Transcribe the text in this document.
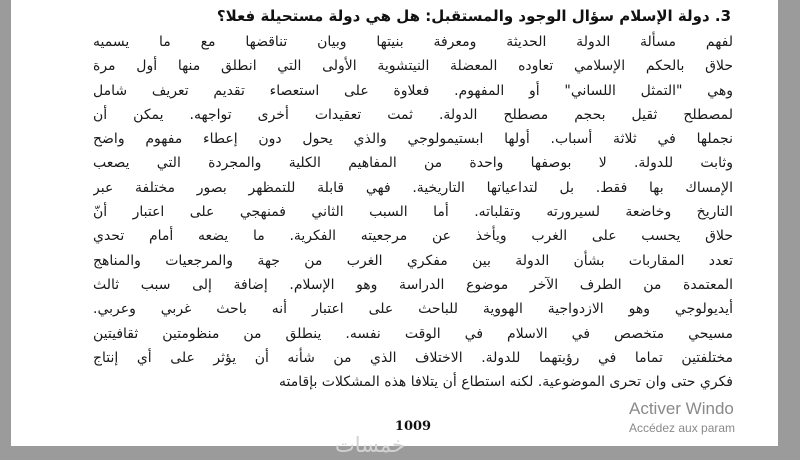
3. دولة الإسلام سؤال الوجود والمستقبل: هل هي دولة مستحيلة فعلا؟
لفهم مسألة الدولة الحديثة ومعرفة بنيتها وبيان تناقضها مع ما يسميه
حلاق بالحكم الإسلامي تعاوده المعضلة النيتشوية الأولى التي انطلق منها أول مرة
وهي "التمثل اللساني" أو المفهوم. فعلاوة على استعصاء تقديم تعريف شامل
لمصطلح ثقيل بحجم مصطلح الدولة. ثمت تعقيدات أخرى تواجهه. يمكن أن
نجملها في ثلاثة أسباب. أولها ابستيمولوجي والذي يحول دون إعطاء مفهوم واضح
وثابت للدولة. لا بوصفها واحدة من المفاهيم الكلية والمجردة التي يصعب
الإمساك بها فقط. بل لتداعياتها التاريخية. فهي قابلة للتمظهر بصور مختلفة عبر
التاريخ وخاضعة لسيرورته وتقلباته. أما السبب الثاني فمنهجي على اعتبار أنّ
حلاق يحسب على الغرب ويأخذ عن مرجعيته الفكرية. ما يضعه أمام تحدي
تعدد المقاربات بشأن الدولة بين مفكري الغرب من جهة والمرجعيات والمناهج
المعتمدة من الطرف الآخر موضوع الدراسة وهو الإسلام. إضافة إلى سبب ثالث
أيديولوجي وهو الازدواجية الهووية للباحث على اعتبار أنه باحث غربي وعربي.
مسيحي متخصص في الاسلام في الوقت نفسه. ينطلق من منظومتين ثقافيتين
مختلفتين تماما في رؤيتهما للدولة. الاختلاف الذي من شأنه أن يؤثر على أي إنتاج
فكري حتى وان تحرى الموضوعية. لكنه استطاع أن يتلافا هذه المشكلات بإقامته
1009
خمسات
Activer Windo
Accédez aux param
